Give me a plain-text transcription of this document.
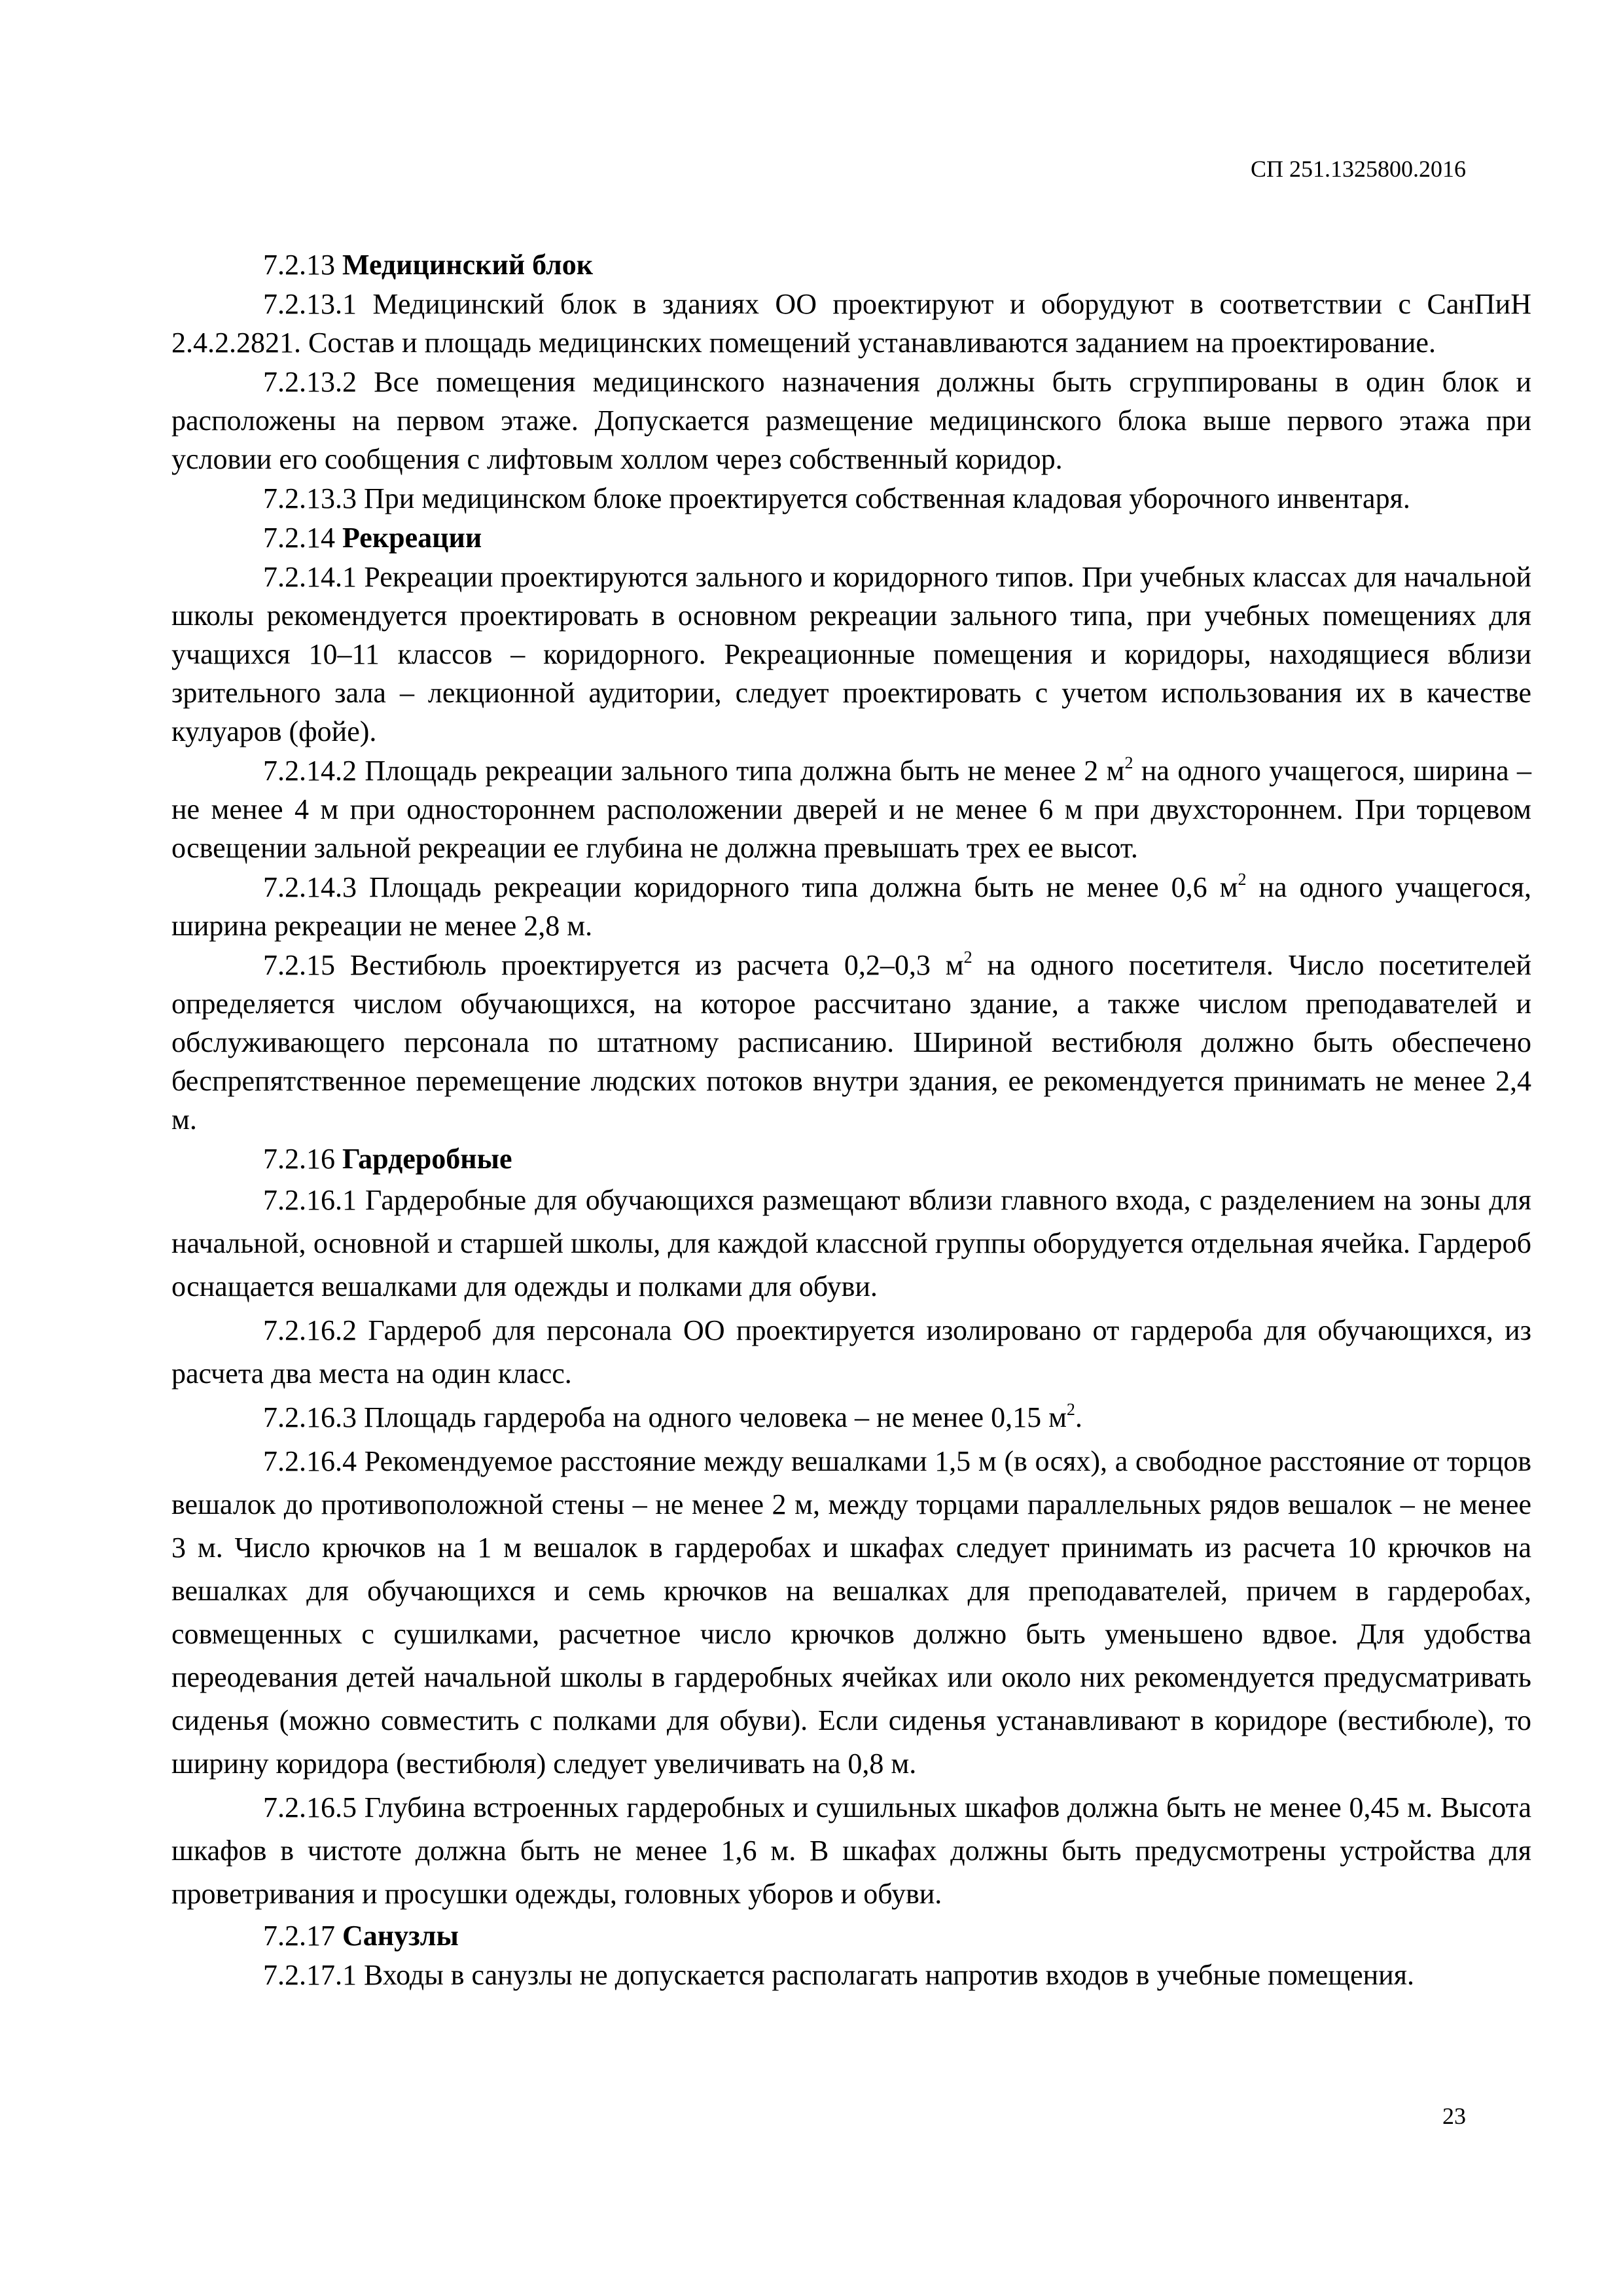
СП 251.1325800.2016
7.2.13 Медицинский блок

7.2.13.1 Медицинский блок в зданиях ОО проектируют и оборудуют в соответствии с СанПиН 2.4.2.2821. Состав и площадь медицинских помещений устанавливаются заданием на проектирование.

7.2.13.2 Все помещения медицинского назначения должны быть сгруппированы в один блок и расположены на первом этаже. Допускается размещение медицинского блока выше первого этажа при условии его сообщения с лифтовым холлом через собственный коридор.

7.2.13.3 При медицинском блоке проектируется собственная кладовая уборочного инвентаря.

7.2.14 Рекреации

7.2.14.1 Рекреации проектируются зального и коридорного типов. При учебных классах для начальной школы рекомендуется проектировать в основном рекреации зального типа, при учебных помещениях для учащихся 10–11 классов – коридорного. Рекреационные помещения и коридоры, находящиеся вблизи зрительного зала – лекционной аудитории, следует проектировать с учетом использования их в качестве кулуаров (фойе).

7.2.14.2 Площадь рекреации зального типа должна быть не менее 2 $м^2$ на одного учащегося, ширина – не менее 4 м при одностороннем расположении дверей и не менее 6 м при двухстороннем. При торцевом освещении зальной рекреации ее глубина не должна превышать трех ее высот.

7.2.14.3 Площадь рекреации коридорного типа должна быть не менее 0,6 $м^2$ на одного учащегося, ширина рекреации не менее 2,8 м.

7.2.15 Вестибюль проектируется из расчета 0,2–0,3 $м^2$ на одного посетителя. Число посетителей определяется числом обучающихся, на которое рассчитано здание, а также числом преподавателей и обслуживающего персонала по штатному расписанию. Шириной вестибюля должно быть обеспечено беспрепятственное перемещение людских потоков внутри здания, ее рекомендуется принимать не менее 2,4 м.

7.2.16 Гардеробные

7.2.16.1 Гардеробные для обучающихся размещают вблизи главного входа, с разделением на зоны для начальной, основной и старшей школы, для каждой классной группы оборудуется отдельная ячейка. Гардероб оснащается вешалками для одежды и полками для обуви.

7.2.16.2 Гардероб для персонала ОО проектируется изолировано от гардероба для обучающихся, из расчета два места на один класс.

7.2.16.3 Площадь гардероба на одного человека – не менее 0,15 $м^2$.

7.2.16.4 Рекомендуемое расстояние между вешалками 1,5 м (в осях), а свободное расстояние от торцов вешалок до противоположной стены – не менее 2 м, между торцами параллельных рядов вешалок – не менее 3 м. Число крючков на 1 м вешалок в гардеробах и шкафах следует принимать из расчета 10 крючков на вешалках для обучающихся и семь крючков на вешалках для преподавателей, причем в гардеробах, совмещенных с сушилками, расчетное число крючков должно быть уменьшено вдвое. Для удобства переодевания детей начальной школы в гардеробных ячейках или около них рекомендуется предусматривать сиденья (можно совместить с полками для обуви). Если сиденья устанавливают в коридоре (вестибюле), то ширину коридора (вестибюля) следует увеличивать на 0,8 м.

7.2.16.5 Глубина встроенных гардеробных и сушильных шкафов должна быть не менее 0,45 м. Высота шкафов в чистоте должна быть не менее 1,6 м. В шкафах должны быть предусмотрены устройства для проветривания и просушки одежды, головных уборов и обуви.

7.2.17 Санузлы

7.2.17.1 Входы в санузлы не допускается располагать напротив входов в учебные помещения.

23
